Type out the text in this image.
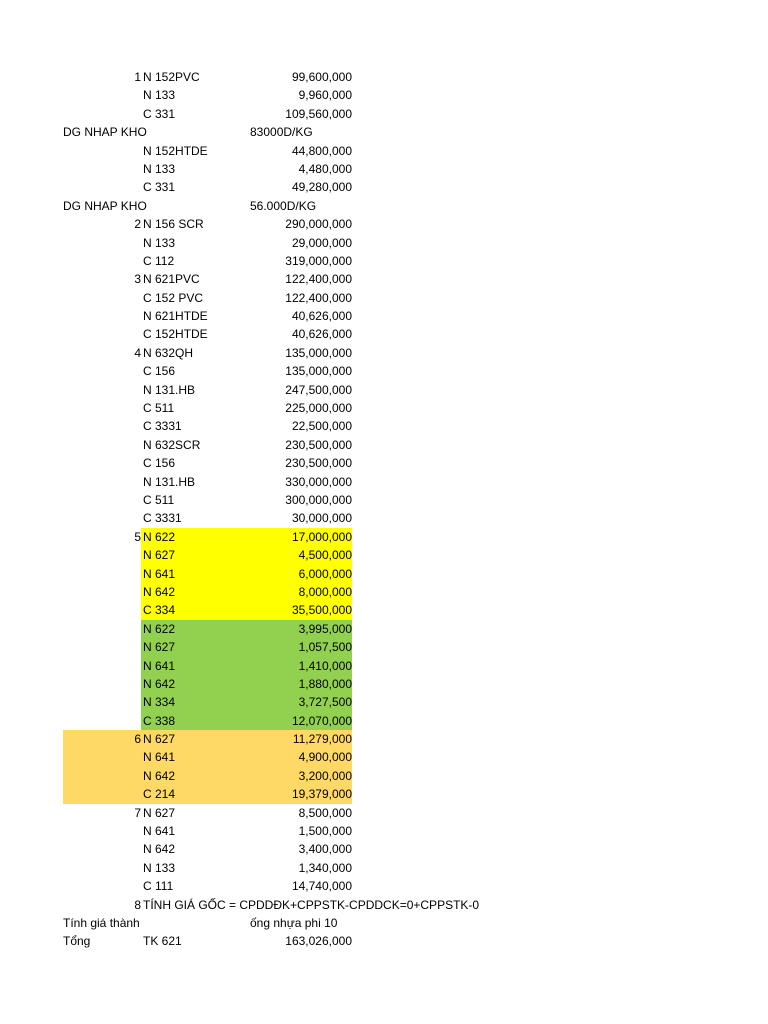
1 N 152PVC	99,600,000
N 133	9,960,000
C 331	109,560,000
DG NHAP KHO	83000D/KG
N 152HTDE	44,800,000
N 133	4,480,000
C 331	49,280,000
DG NHAP KHO	56.000D/KG
2 N 156 SCR	290,000,000
N 133	29,000,000
C 112	319,000,000
3 N 621PVC	122,400,000
C 152 PVC	122,400,000
N 621HTDE	40,626,000
C 152HTDE	40,626,000
4 N 632QH	135,000,000
C 156	135,000,000
N 131.HB	247,500,000
C 511	225,000,000
C 3331	22,500,000
N 632SCR	230,500,000
C 156	230,500,000
N 131.HB	330,000,000
C 511	300,000,000
C 3331	30,000,000
5 N 622	17,000,000
N 627	4,500,000
N 641	6,000,000
N 642	8,000,000
C 334	35,500,000
N 622	3,995,000
N 627	1,057,500
N 641	1,410,000
N 642	1,880,000
N 334	3,727,500
C 338	12,070,000
6 N 627	11,279,000
N 641	4,900,000
N 642	3,200,000
C 214	19,379,000
7 N 627	8,500,000
N 641	1,500,000
N 642	3,400,000
N 133	1,340,000
C 111	14,740,000
8 TÍNH GIÁ GỐC = CPDDĐK+CPPSTK-CPDDCK=0+CPPSTK-0
Tính giá thành	ống nhựa phi 10
Tổng	TK 621	163,026,000
